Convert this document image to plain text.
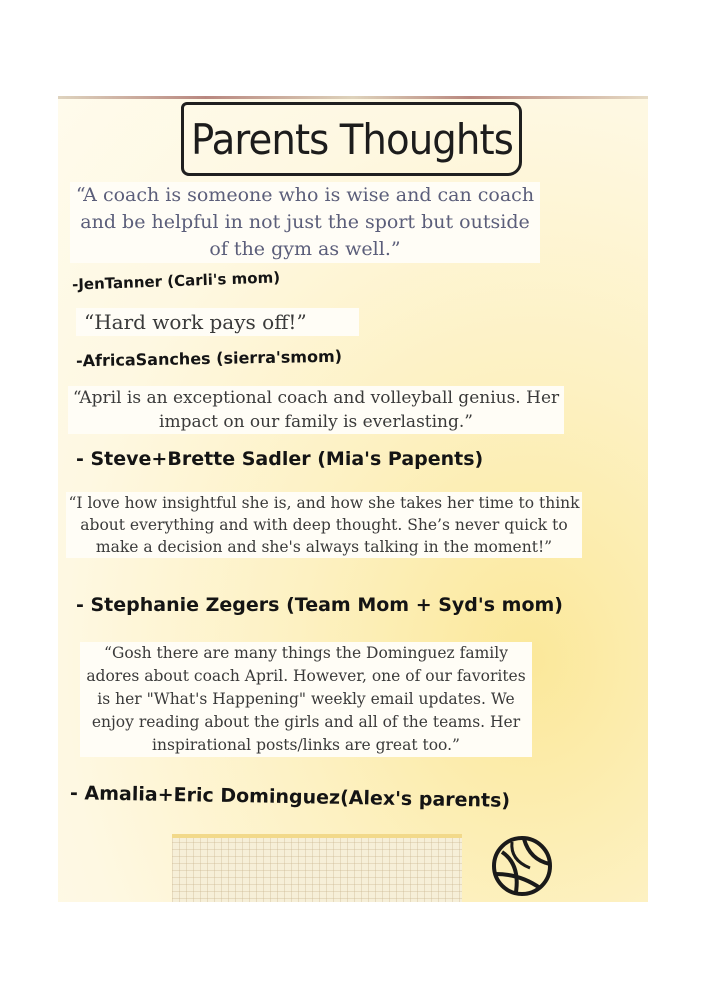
Parents Thoughts
“A coach is someone who is wise and can coach and be helpful in not just the sport but outside of the gym as well.”
-JenTanner (Carli's mom)
“Hard work pays off!”
-AfricaSanches (sierra'smom)
“April is an exceptional coach and volleyball genius. Her impact on our family is everlasting.”
- Steve+Brette Sadler (Mia's Papents)
“I love how insightful she is, and how she takes her time to think about everything and with deep thought. She’s never quick to make a decision and she's always talking in the moment!”
- Stephanie Zegers (Team Mom + Syd's mom)
“Gosh there are many things the Dominguez family adores about coach April. However, one of our favorites is her "What's Happening" weekly email updates. We enjoy reading about the girls and all of the teams. Her inspirational posts/links are great too.”
- Amalia+Eric Dominguez(Alex's parents)
